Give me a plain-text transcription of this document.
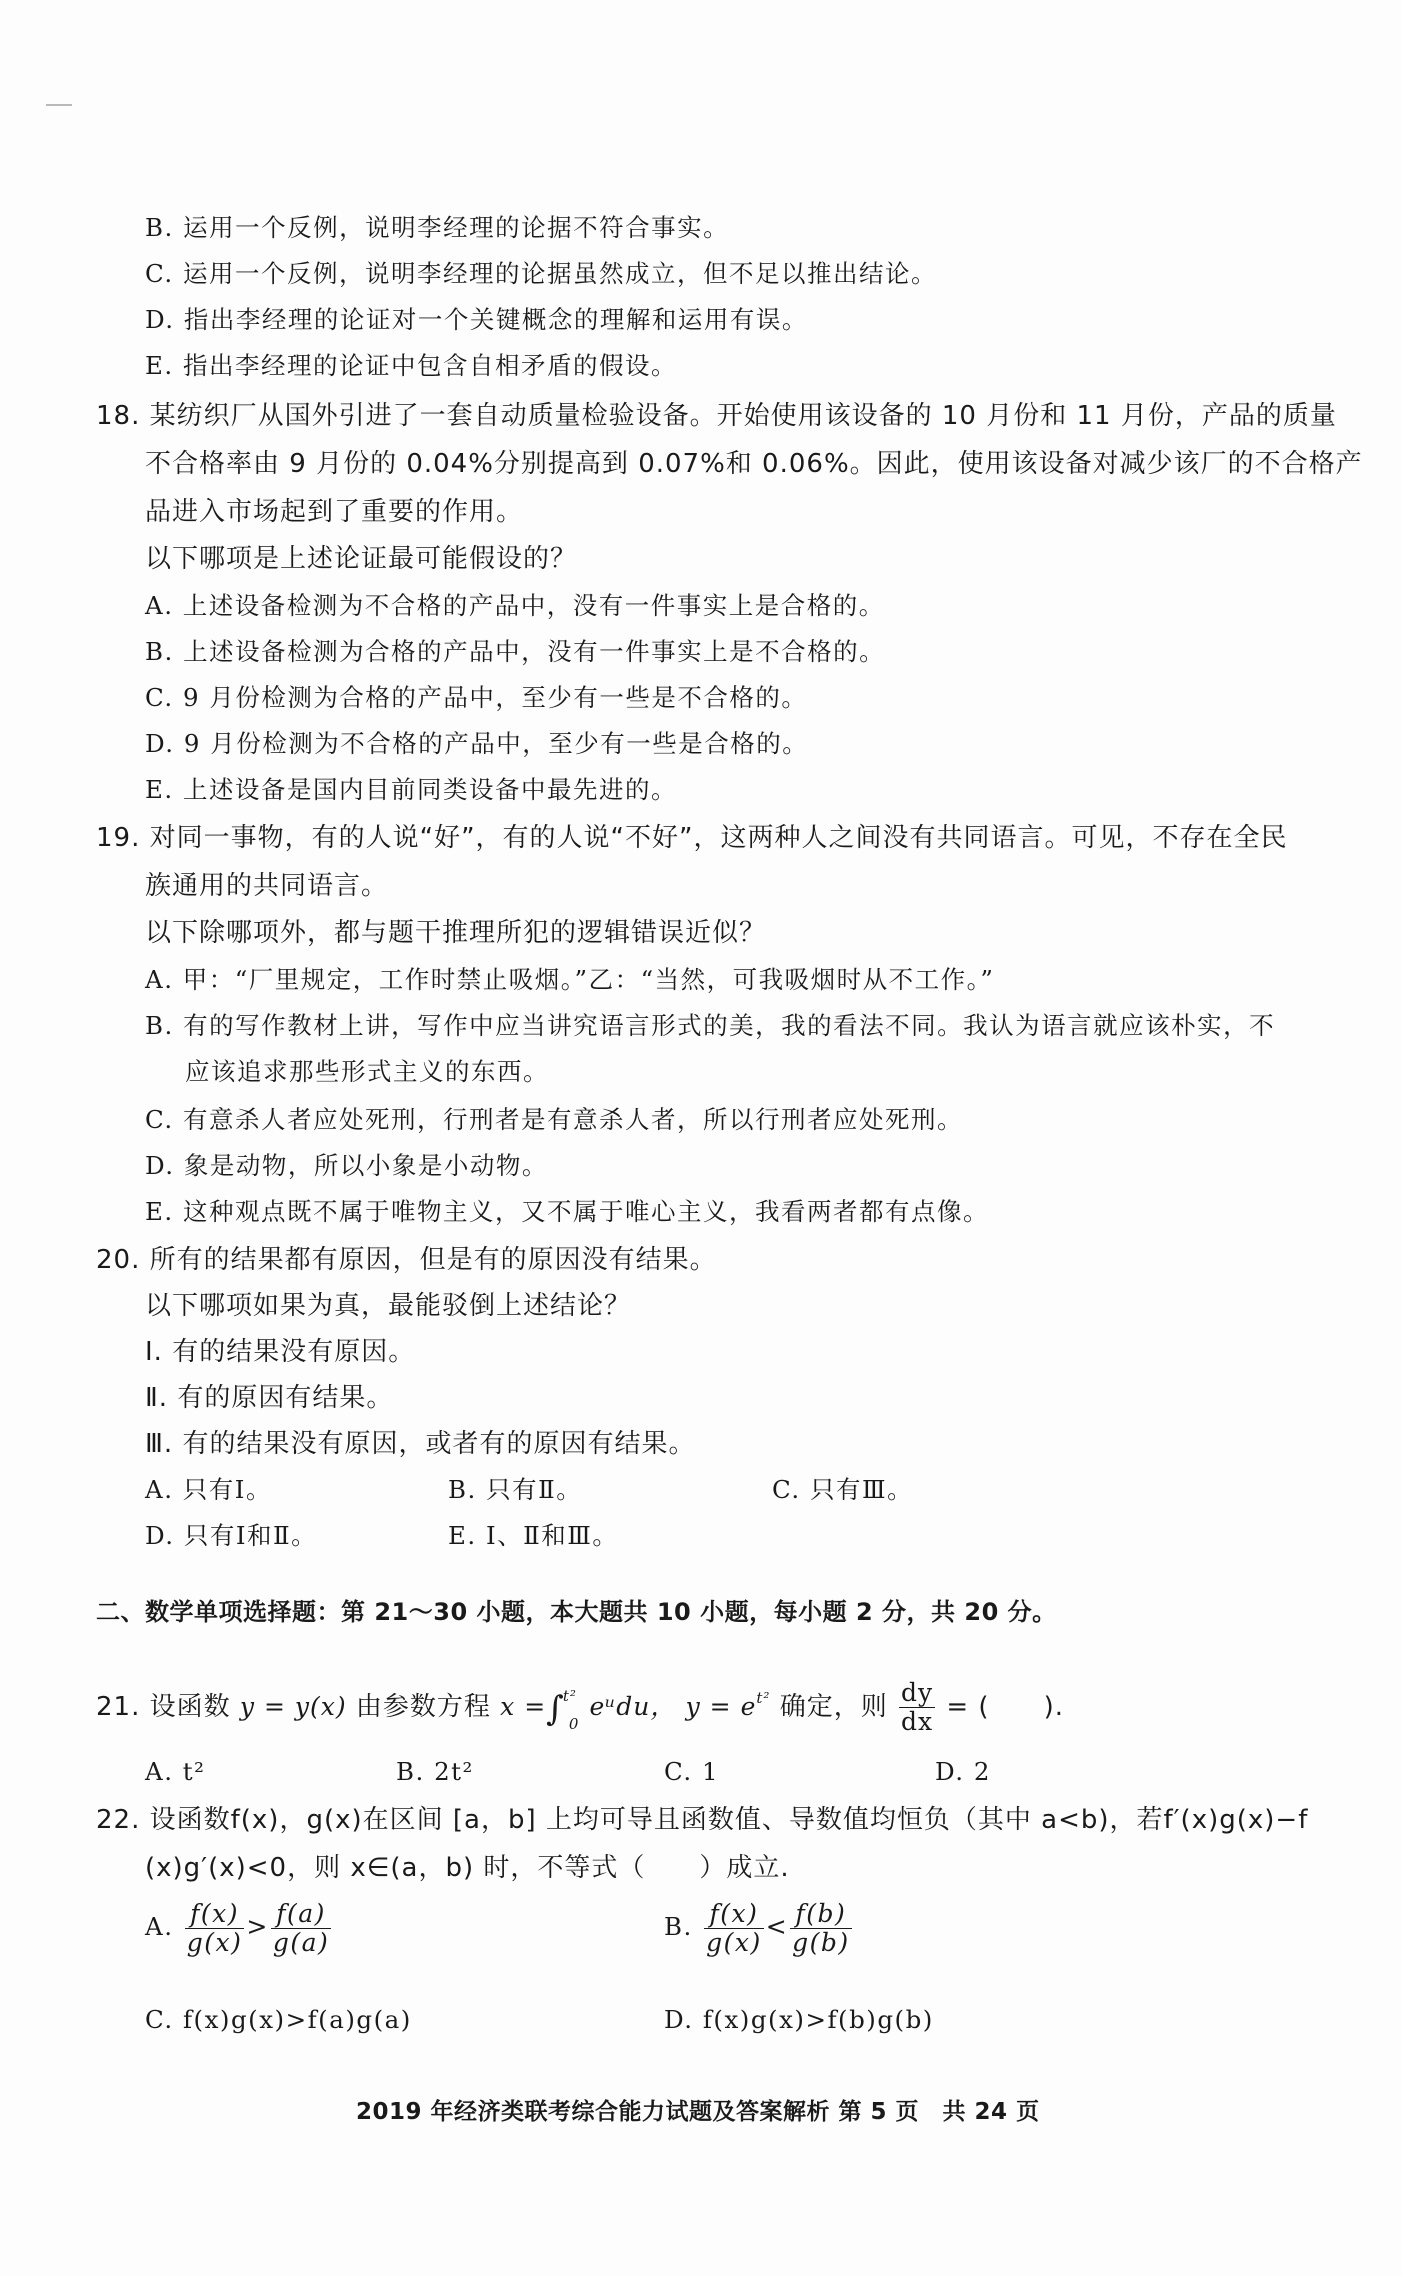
B. 运用一个反例，说明李经理的论据不符合事实。
C. 运用一个反例，说明李经理的论据虽然成立，但不足以推出结论。
D. 指出李经理的论证对一个关键概念的理解和运用有误。
E. 指出李经理的论证中包含自相矛盾的假设。
18. 某纺织厂从国外引进了一套自动质量检验设备。开始使用该设备的 10 月份和 11 月份，产品的质量
不合格率由 9 月份的 0.04%分别提高到 0.07%和 0.06%。因此，使用该设备对减少该厂的不合格产
品进入市场起到了重要的作用。
以下哪项是上述论证最可能假设的？
A. 上述设备检测为不合格的产品中，没有一件事实上是合格的。
B. 上述设备检测为合格的产品中，没有一件事实上是不合格的。
C. 9 月份检测为合格的产品中，至少有一些是不合格的。
D. 9 月份检测为不合格的产品中，至少有一些是合格的。
E. 上述设备是国内目前同类设备中最先进的。
19. 对同一事物，有的人说“好”，有的人说“不好”，这两种人之间没有共同语言。可见，不存在全民
族通用的共同语言。
以下除哪项外，都与题干推理所犯的逻辑错误近似？
A. 甲：“厂里规定，工作时禁止吸烟。”乙：“当然，可我吸烟时从不工作。”
B. 有的写作教材上讲，写作中应当讲究语言形式的美，我的看法不同。我认为语言就应该朴实，不
应该追求那些形式主义的东西。
C. 有意杀人者应处死刑，行刑者是有意杀人者，所以行刑者应处死刑。
D. 象是动物，所以小象是小动物。
E. 这种观点既不属于唯物主义，又不属于唯心主义，我看两者都有点像。
20. 所有的结果都有原因，但是有的原因没有结果。
以下哪项如果为真，最能驳倒上述结论？
Ⅰ. 有的结果没有原因。
Ⅱ. 有的原因有结果。
Ⅲ. 有的结果没有原因，或者有的原因有结果。
A. 只有Ⅰ。	B. 只有Ⅱ。	C. 只有Ⅲ。
D. 只有Ⅰ和Ⅱ。	E. Ⅰ、Ⅱ和Ⅲ。
二、数学单项选择题：第 21～30 小题，本大题共 10 小题，每小题 2 分，共 20 分。
21. 设函数 y = y(x) 由参数方程 x =∫$^{t^2}_0$eᵘdu， $y = e^{t^2}$ 确定，则 $\frac{dy}{dx}$ = (　　).
A. t²	B. 2t²	C. 1	D. 2
22. 设函数f(x)，g(x)在区间 [a，b] 上均可导且函数值、导数值均恒负（其中 a<b)，若f′(x)g(x)−f
(x)g′(x)<0，则 x∈(a，b) 时，不等式（　　）成立.
A. $\frac{f(x)}{g(x)} > \frac{f(a)}{g(a)}$	B. $\frac{f(x)}{g(x)} < \frac{f(b)}{g(b)}$
C. f(x)g(x)>f(a)g(a)	D. f(x)g(x)>f(b)g(b)
2019 年经济类联考综合能力试题及答案解析 第 5 页　共 24 页
